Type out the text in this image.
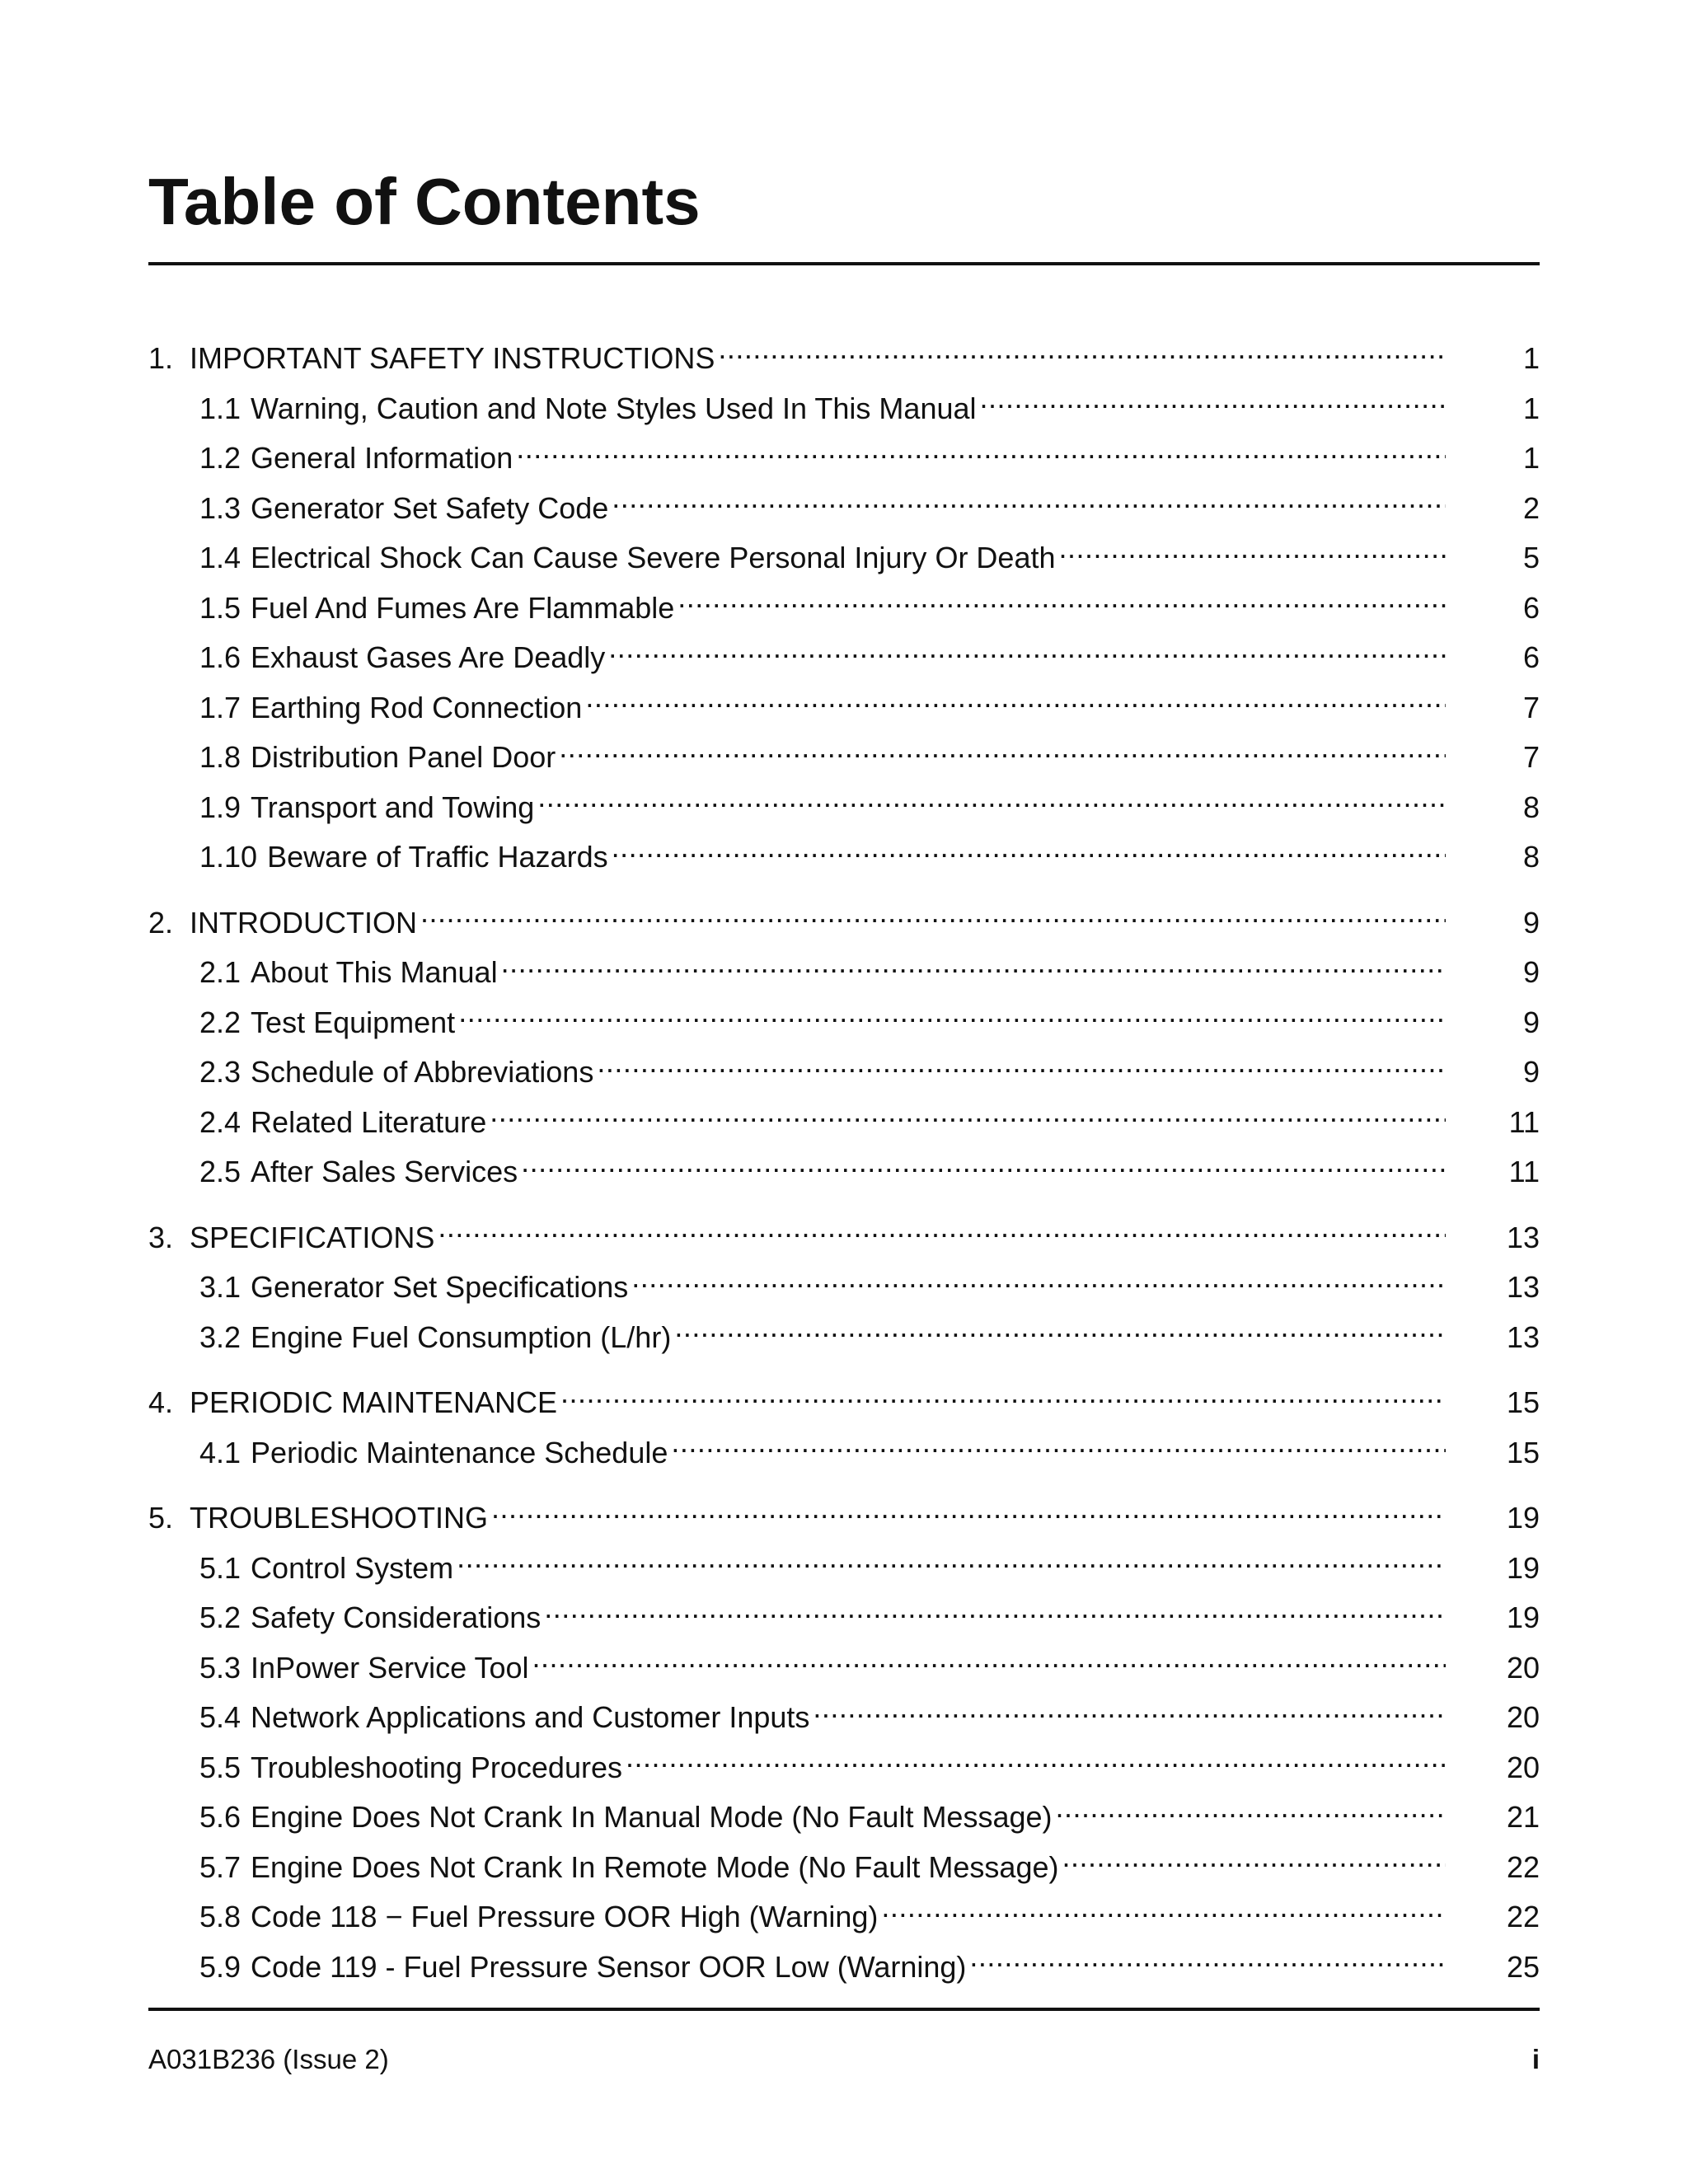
Table of Contents
1. IMPORTANT SAFETY INSTRUCTIONS .....	1
1.1 Warning, Caution and Note Styles Used In This Manual .....	1
1.2 General Information .....	1
1.3 Generator Set Safety Code .....	2
1.4 Electrical Shock Can Cause Severe Personal Injury Or Death .....	5
1.5 Fuel And Fumes Are Flammable .....	6
1.6 Exhaust Gases Are Deadly .....	6
1.7 Earthing Rod Connection .....	7
1.8 Distribution Panel Door .....	7
1.9 Transport and Towing .....	8
1.10 Beware of Traffic Hazards .....	8
2. INTRODUCTION .....	9
2.1 About This Manual .....	9
2.2 Test Equipment .....	9
2.3 Schedule of Abbreviations .....	9
2.4 Related Literature .....	11
2.5 After Sales Services .....	11
3. SPECIFICATIONS .....	13
3.1 Generator Set Specifications .....	13
3.2 Engine Fuel Consumption (L/hr) .....	13
4. PERIODIC MAINTENANCE .....	15
4.1 Periodic Maintenance Schedule .....	15
5. TROUBLESHOOTING .....	19
5.1 Control System .....	19
5.2 Safety Considerations .....	19
5.3 InPower Service Tool .....	20
5.4 Network Applications and Customer Inputs .....	20
5.5 Troubleshooting Procedures .....	20
5.6 Engine Does Not Crank In Manual Mode (No Fault Message) .....	21
5.7 Engine Does Not Crank In Remote Mode (No Fault Message) .....	22
5.8 Code 118 − Fuel Pressure OOR High (Warning) .....	22
5.9 Code 119 - Fuel Pressure Sensor OOR Low (Warning) .....	25
A031B236 (Issue 2)	i
